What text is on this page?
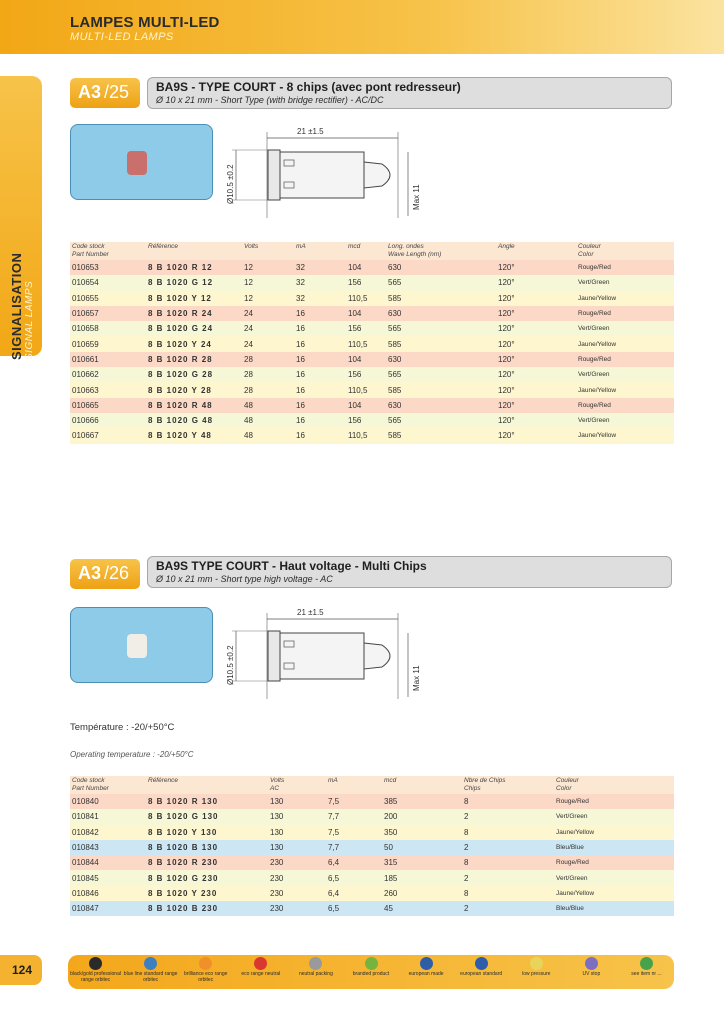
LAMPES MULTI-LED
MULTI-LED LAMPS
SIGNALISATION SIGNAL LAMPS
A3 /25 BA9S - TYPE COURT - 8 chips (avec pont redresseur)
Ø 10 x 21 mm - Short Type (with bridge rectifier) - AC/DC
21 ±1.5
Ø10.5 ±0.2	Max 11
Code stock
Part Number	Référence	Volts	mA	mcd	Long. ondes
Wave Length (nm)	Angle	Couleur
Color
010653	8 B 1020 R 12	12	32	104	630	120°	Rouge/Red
010654	8 B 1020 G 12	12	32	156	565	120°	Vert/Green
010655	8 B 1020 Y 12	12	32	110,5	585	120°	Jaune/Yellow
010657	8 B 1020 R 24	24	16	104	630	120°	Rouge/Red
010658	8 B 1020 G 24	24	16	156	565	120°	Vert/Green
010659	8 B 1020 Y 24	24	16	110,5	585	120°	Jaune/Yellow
010661	8 B 1020 R 28	28	16	104	630	120°	Rouge/Red
010662	8 B 1020 G 28	28	16	156	565	120°	Vert/Green
010663	8 B 1020 Y 28	28	16	110,5	585	120°	Jaune/Yellow
010665	8 B 1020 R 48	48	16	104	630	120°	Rouge/Red
010666	8 B 1020 G 48	48	16	156	565	120°	Vert/Green
010667	8 B 1020 Y 48	48	16	110,5	585	120°	Jaune/Yellow
A3 /26 BA9S TYPE COURT - Haut voltage - Multi Chips
Ø 10 x 21 mm - Short type high voltage - AC
21 ±1.5
Ø10.5 ±0.2	Max 11
Température : -20/+50°C
Operating temperature : -20/+50°C
Code stock
Part Number	Référence	Volts
AC	mA	mcd	Nbre de Chips
Chips	Couleur
Color
010840	8 B 1020 R 130	130	7,5	385	8	Rouge/Red
010841	8 B 1020 G 130	130	7,7	200	2	Vert/Green
010842	8 B 1020 Y 130	130	7,5	350	8	Jaune/Yellow
010843	8 B 1020 B 130	130	7,7	50	2	Bleu/Blue
010844	8 B 1020 R 230	230	6,4	315	8	Rouge/Red
010845	8 B 1020 G 230	230	6,5	185	2	Vert/Green
010846	8 B 1020 Y 230	230	6,4	260	8	Jaune/Yellow
010847	8 B 1020 B 230	230	6,5	45	2	Bleu/Blue
124	black/gold professional range orbitec
blue line standard range orbitec
brilliance eco range orbitec
eco range neutral	neutral packing	branded product	european made	european standard	low pressure	UV stop	see item nr ...
